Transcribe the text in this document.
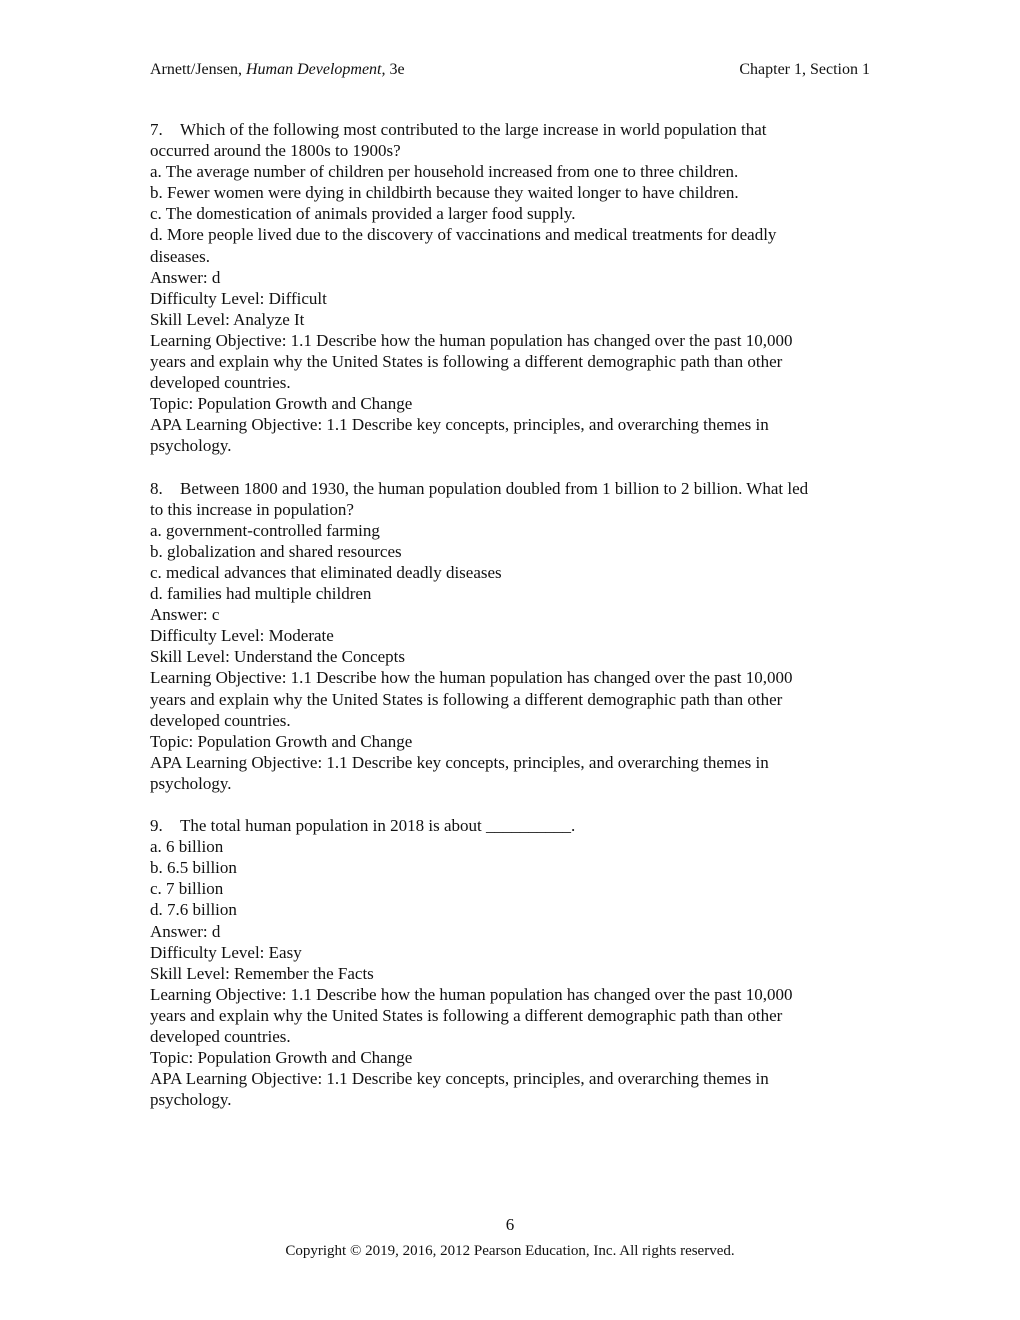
Arnett/Jensen, Human Development, 3e	Chapter 1, Section 1
7. Which of the following most contributed to the large increase in world population that
occurred around the 1800s to 1900s?
a. The average number of children per household increased from one to three children.
b. Fewer women were dying in childbirth because they waited longer to have children.
c. The domestication of animals provided a larger food supply.
d. More people lived due to the discovery of vaccinations and medical treatments for deadly
diseases.
Answer: d
Difficulty Level: Difficult
Skill Level: Analyze It
Learning Objective: 1.1 Describe how the human population has changed over the past 10,000
years and explain why the United States is following a different demographic path than other
developed countries.
Topic: Population Growth and Change
APA Learning Objective: 1.1 Describe key concepts, principles, and overarching themes in
psychology.
8. Between 1800 and 1930, the human population doubled from 1 billion to 2 billion. What led
to this increase in population?
a. government-controlled farming
b. globalization and shared resources
c. medical advances that eliminated deadly diseases
d. families had multiple children
Answer: c
Difficulty Level: Moderate
Skill Level: Understand the Concepts
Learning Objective: 1.1 Describe how the human population has changed over the past 10,000
years and explain why the United States is following a different demographic path than other
developed countries.
Topic: Population Growth and Change
APA Learning Objective: 1.1 Describe key concepts, principles, and overarching themes in
psychology.
9. The total human population in 2018 is about __________.
a. 6 billion
b. 6.5 billion
c. 7 billion
d. 7.6 billion
Answer: d
Difficulty Level: Easy
Skill Level: Remember the Facts
Learning Objective: 1.1 Describe how the human population has changed over the past 10,000
years and explain why the United States is following a different demographic path than other
developed countries.
Topic: Population Growth and Change
APA Learning Objective: 1.1 Describe key concepts, principles, and overarching themes in
psychology.
6
Copyright © 2019, 2016, 2012 Pearson Education, Inc. All rights reserved.
